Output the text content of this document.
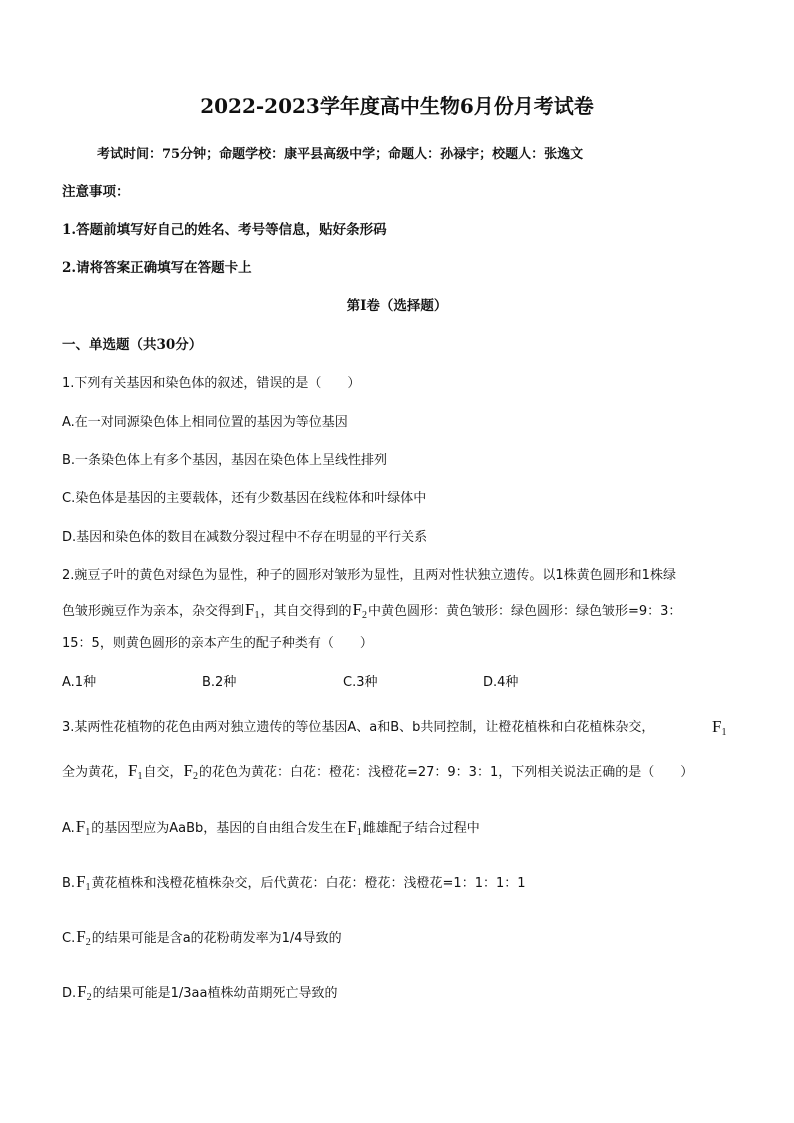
2022-2023学年度高中生物6月份月考试卷
考试时间：75分钟；命题学校：康平县高级中学；命题人：孙禄宇；校题人：张逸文
注意事项：
1.答题前填写好自己的姓名、考号等信息，贴好条形码
2.请将答案正确填写在答题卡上
第I卷（选择题）
一、单选题（共30分）
1.下列有关基因和染色体的叙述，错误的是（　　）
A.在一对同源染色体上相同位置的基因为等位基因
B.一条染色体上有多个基因，基因在染色体上呈线性排列
C.染色体是基因的主要载体，还有少数基因在线粒体和叶绿体中
D.基因和染色体的数目在减数分裂过程中不存在明显的平行关系
2.豌豆子叶的黄色对绿色为显性，种子的圆形对皱形为显性，且两对性状独立遗传。以1株黄色圆形和1株绿
色皱形豌豆作为亲本，杂交得到$F_1$，其自交得到的$F_2$中黄色圆形：黄色皱形：绿色圆形：绿色皱形=9：3：
15：5，则黄色圆形的亲本产生的配子种类有（　　）
A.1种	B.2种	C.3种	D.4种
3.某两性花植物的花色由两对独立遗传的等位基因A、a和B、b共同控制，让橙花植株和白花植株杂交，	$F_1$
全为黄花，$F_1$自交，$F_2$的花色为黄花：白花：橙花：浅橙花=27：9：3：1，下列相关说法正确的是（　　）
$A.F_1$的基因型应为AaBb，基因的自由组合发生在$F_1$雌雄配子结合过程中
$B.F_1$黄花植株和浅橙花植株杂交，后代黄花：白花：橙花：浅橙花=1：1：1：1
$C.F_2$的结果可能是含a的花粉萌发率为1/4导致的
$D.F_2$的结果可能是1/3aa植株幼苗期死亡导致的
